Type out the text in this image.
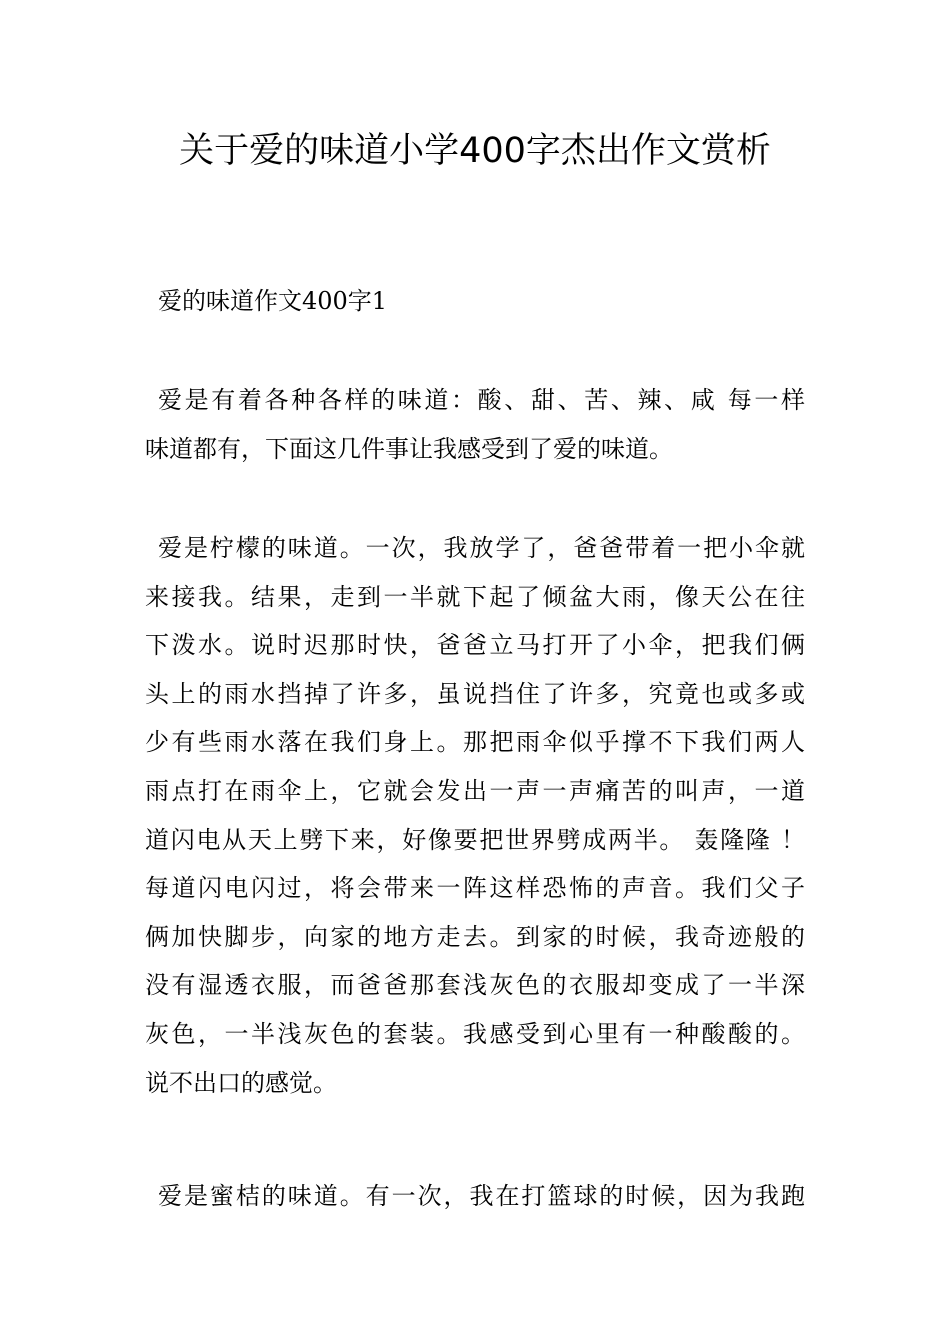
关于爱的味道小学400字杰出作文赏析
爱的味道作文400字1
爱是有着各种各样的味道：酸、甜、苦、辣、咸 每一样
味道都有，下面这几件事让我感受到了爱的味道。
爱是柠檬的味道。一次，我放学了，爸爸带着一把小伞就
来接我。结果，走到一半就下起了倾盆大雨，像天公在往
下泼水。说时迟那时快，爸爸立马打开了小伞，把我们俩
头上的雨水挡掉了许多，虽说挡住了许多，究竟也或多或
少有些雨水落在我们身上。那把雨伞似乎撑不下我们两人
雨点打在雨伞上，它就会发出一声一声痛苦的叫声，一道
道闪电从天上劈下来，好像要把世界劈成两半。 轰隆隆 ！
每道闪电闪过，将会带来一阵这样恐怖的声音。我们父子
俩加快脚步，向家的地方走去。到家的时候，我奇迹般的
没有湿透衣服，而爸爸那套浅灰色的衣服却变成了一半深
灰色，一半浅灰色的套装。我感受到心里有一种酸酸的。
说不出口的感觉。
爱是蜜桔的味道。有一次，我在打篮球的时候，因为我跑
